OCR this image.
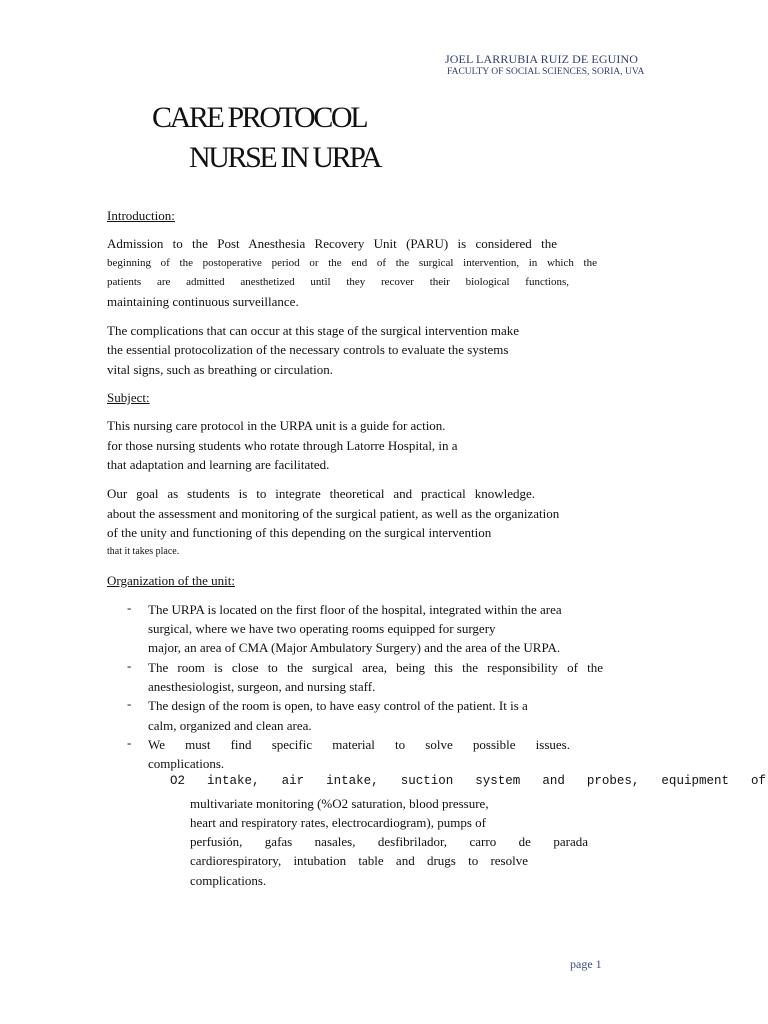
JOEL LARRUBIA RUIZ DE EGUINO
FACULTY OF SOCIAL SCIENCES, SORIA, UVA
CARE PROTOCOL
NURSE IN URPA
Introduction:
Admission to the Post Anesthesia Recovery Unit (PARU) is considered the
beginning of the postoperative period or the end of the surgical intervention, in which the
patients are admitted anesthetized until they recover their biological functions,
maintaining continuous surveillance.
The complications that can occur at this stage of the surgical intervention make
the essential protocolization of the necessary controls to evaluate the systems
vital signs, such as breathing or circulation.
Subject:
This nursing care protocol in the URPA unit is a guide for action.
for those nursing students who rotate through Latorre Hospital, in a
that adaptation and learning are facilitated.
Our goal as students is to integrate theoretical and practical knowledge.
about the assessment and monitoring of the surgical patient, as well as the organization
of the unity and functioning of this depending on the surgical intervention
that it takes place.
Organization of the unit:
- The URPA is located on the first floor of the hospital, integrated within the area
surgical, where we have two operating rooms equipped for surgery
major, an area of CMA (Major Ambulatory Surgery) and the area of the URPA.
- The room is close to the surgical area, being this the responsibility of the
anesthesiologist, surgeon, and nursing staff.
- The design of the room is open, to have easy control of the patient. It is a
calm, organized and clean area.
- We must find specific material to solve possible issues.
complications.
O2 intake, air intake, suction system and probes, equipment of
multivariate monitoring (%O2 saturation, blood pressure,
heart and respiratory rates, electrocardiogram), pumps of
perfusión, gafas nasales, desfibrilador, carro de parada
cardiorespiratory, intubation table and drugs to resolve
complications.
page 1
